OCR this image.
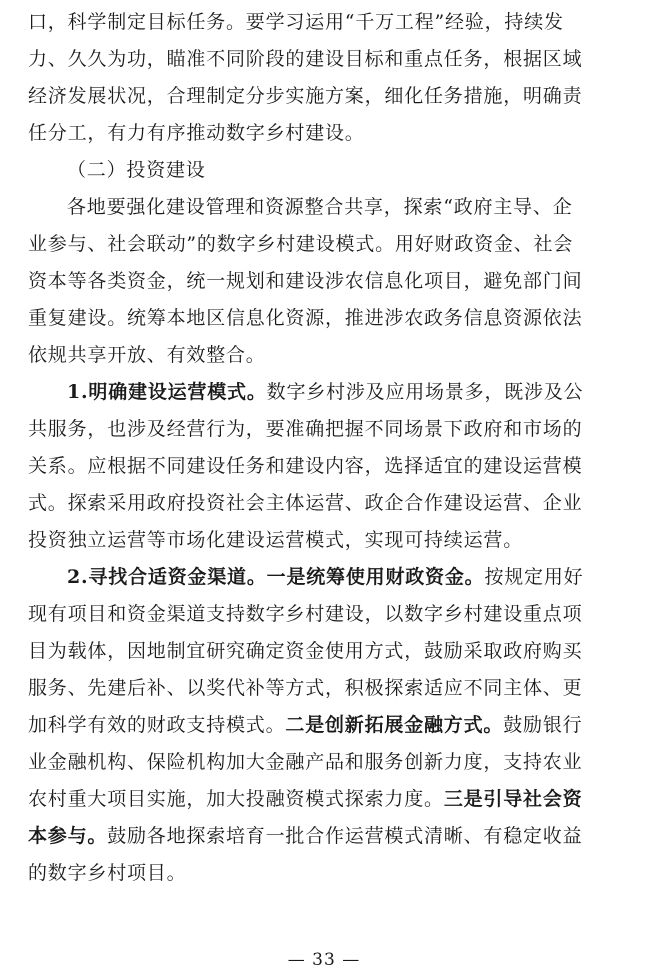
口，科学制定目标任务。要学习运用“千万工程”经验，持续发
力、久久为功，瞄准不同阶段的建设目标和重点任务，根据区域
经济发展状况，合理制定分步实施方案，细化任务措施，明确责
任分工，有力有序推动数字乡村建设。
（二）投资建设
各地要强化建设管理和资源整合共享，探索“政府主导、企
业参与、社会联动”的数字乡村建设模式。用好财政资金、社会
资本等各类资金，统一规划和建设涉农信息化项目，避免部门间
重复建设。统筹本地区信息化资源，推进涉农政务信息资源依法
依规共享开放、有效整合。
1.明确建设运营模式。数字乡村涉及应用场景多，既涉及公
共服务，也涉及经营行为，要准确把握不同场景下政府和市场的
关系。应根据不同建设任务和建设内容，选择适宜的建设运营模
式。探索采用政府投资社会主体运营、政企合作建设运营、企业
投资独立运营等市场化建设运营模式，实现可持续运营。
2.寻找合适资金渠道。一是统筹使用财政资金。按规定用好
现有项目和资金渠道支持数字乡村建设，以数字乡村建设重点项
目为载体，因地制宜研究确定资金使用方式，鼓励采取政府购买
服务、先建后补、以奖代补等方式，积极探索适应不同主体、更
加科学有效的财政支持模式。二是创新拓展金融方式。鼓励银行
业金融机构、保险机构加大金融产品和服务创新力度，支持农业
农村重大项目实施，加大投融资模式探索力度。三是引导社会资
本参与。鼓励各地探索培育一批合作运营模式清晰、有稳定收益
的数字乡村项目。
— 33 —
